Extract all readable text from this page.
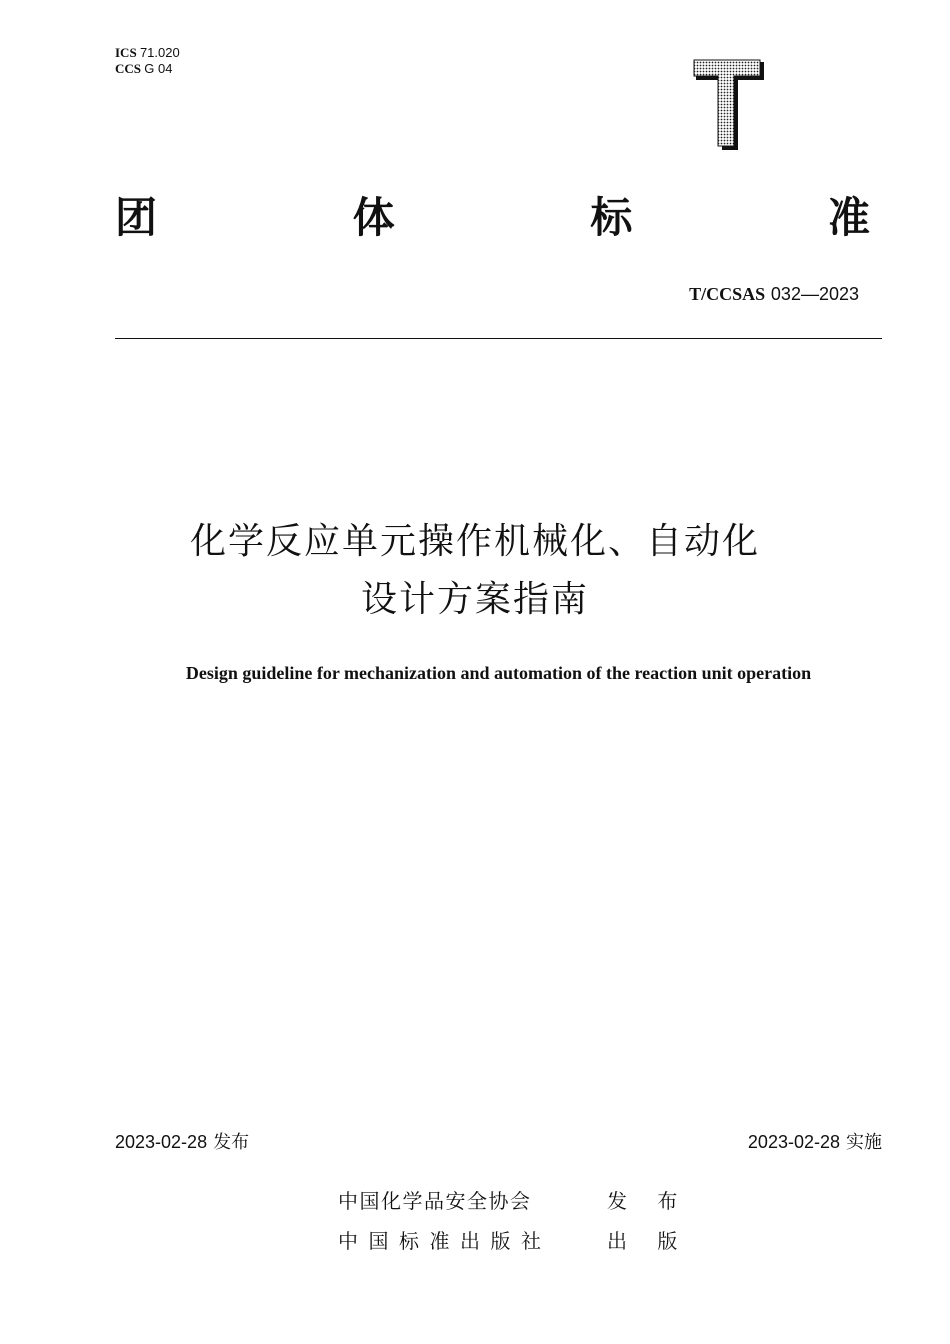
ICS 71.020
CCS G 04
团	体	标	准
T/CCSAS 032—2023
化学反应单元操作机械化、自动化
设计方案指南
Design guideline for mechanization and automation of the reaction unit operation
2023-02-28 发布	2023-02-28 实施
中国化学品安全协会	发 布
中国标准出版社	出 版
